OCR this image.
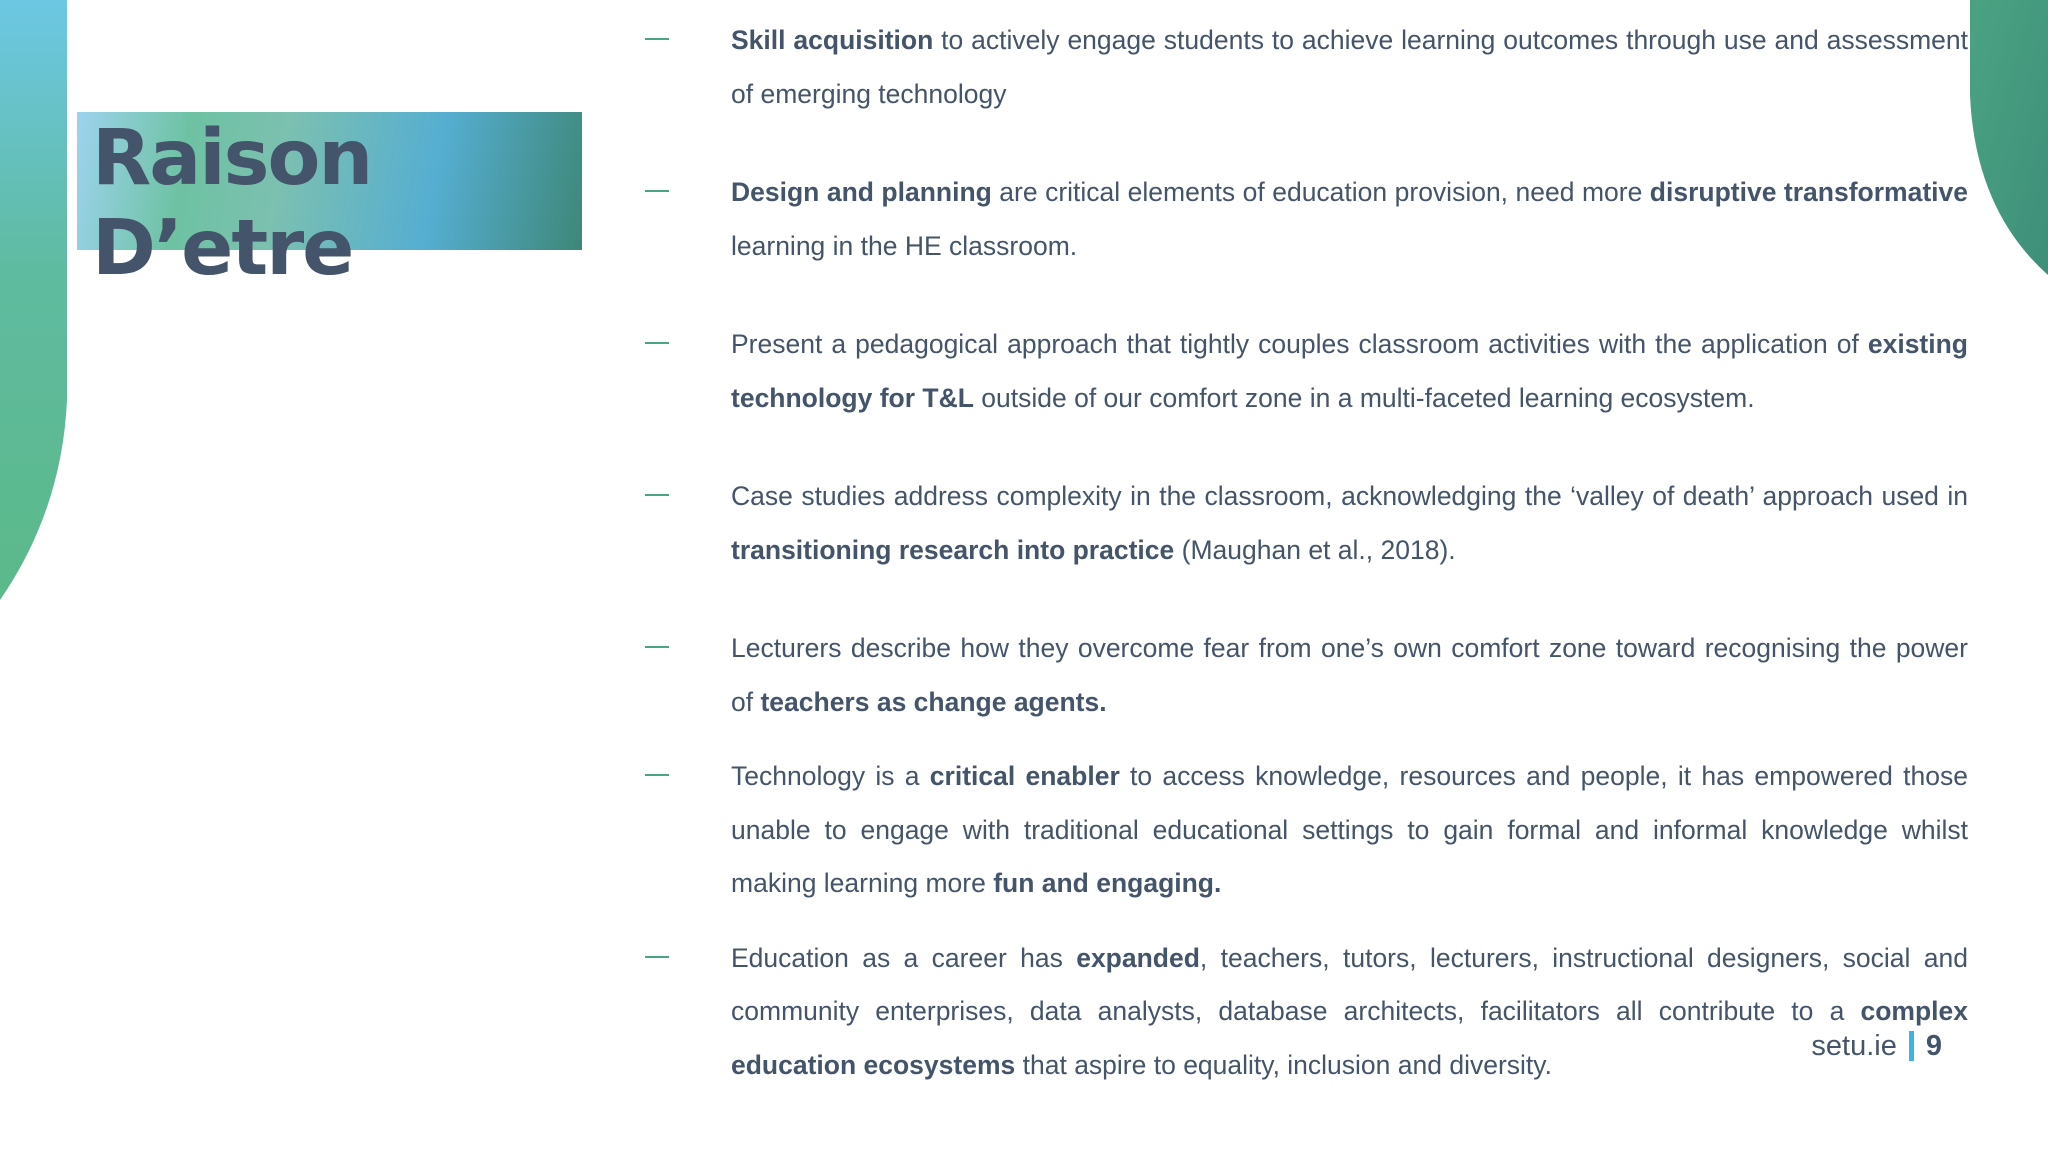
Raison
D’etre
Skill acquisition to actively engage students to achieve learning outcomes through use and assessment of emerging technology
Design and planning are critical elements of education provision, need more disruptive transformative learning in the HE classroom.
Present a pedagogical approach that tightly couples classroom activities with the application of existing technology for T&L outside of our comfort zone in a multi-faceted learning ecosystem.
Case studies address complexity in the classroom, acknowledging the ‘valley of death’ approach used in transitioning research into practice (Maughan et al., 2018).
Lecturers describe how they overcome fear from one’s own comfort zone toward recognising the power of teachers as change agents.
Technology is a critical enabler to access knowledge, resources and people, it has empowered those unable to engage with traditional educational settings to gain formal and informal knowledge whilst making learning more fun and engaging.
Education as a career has expanded, teachers, tutors, lecturers, instructional designers, social and community enterprises, data analysts, database architects, facilitators all contribute to a complex education ecosystems that aspire to equality, inclusion and diversity.
setu.ie 9
